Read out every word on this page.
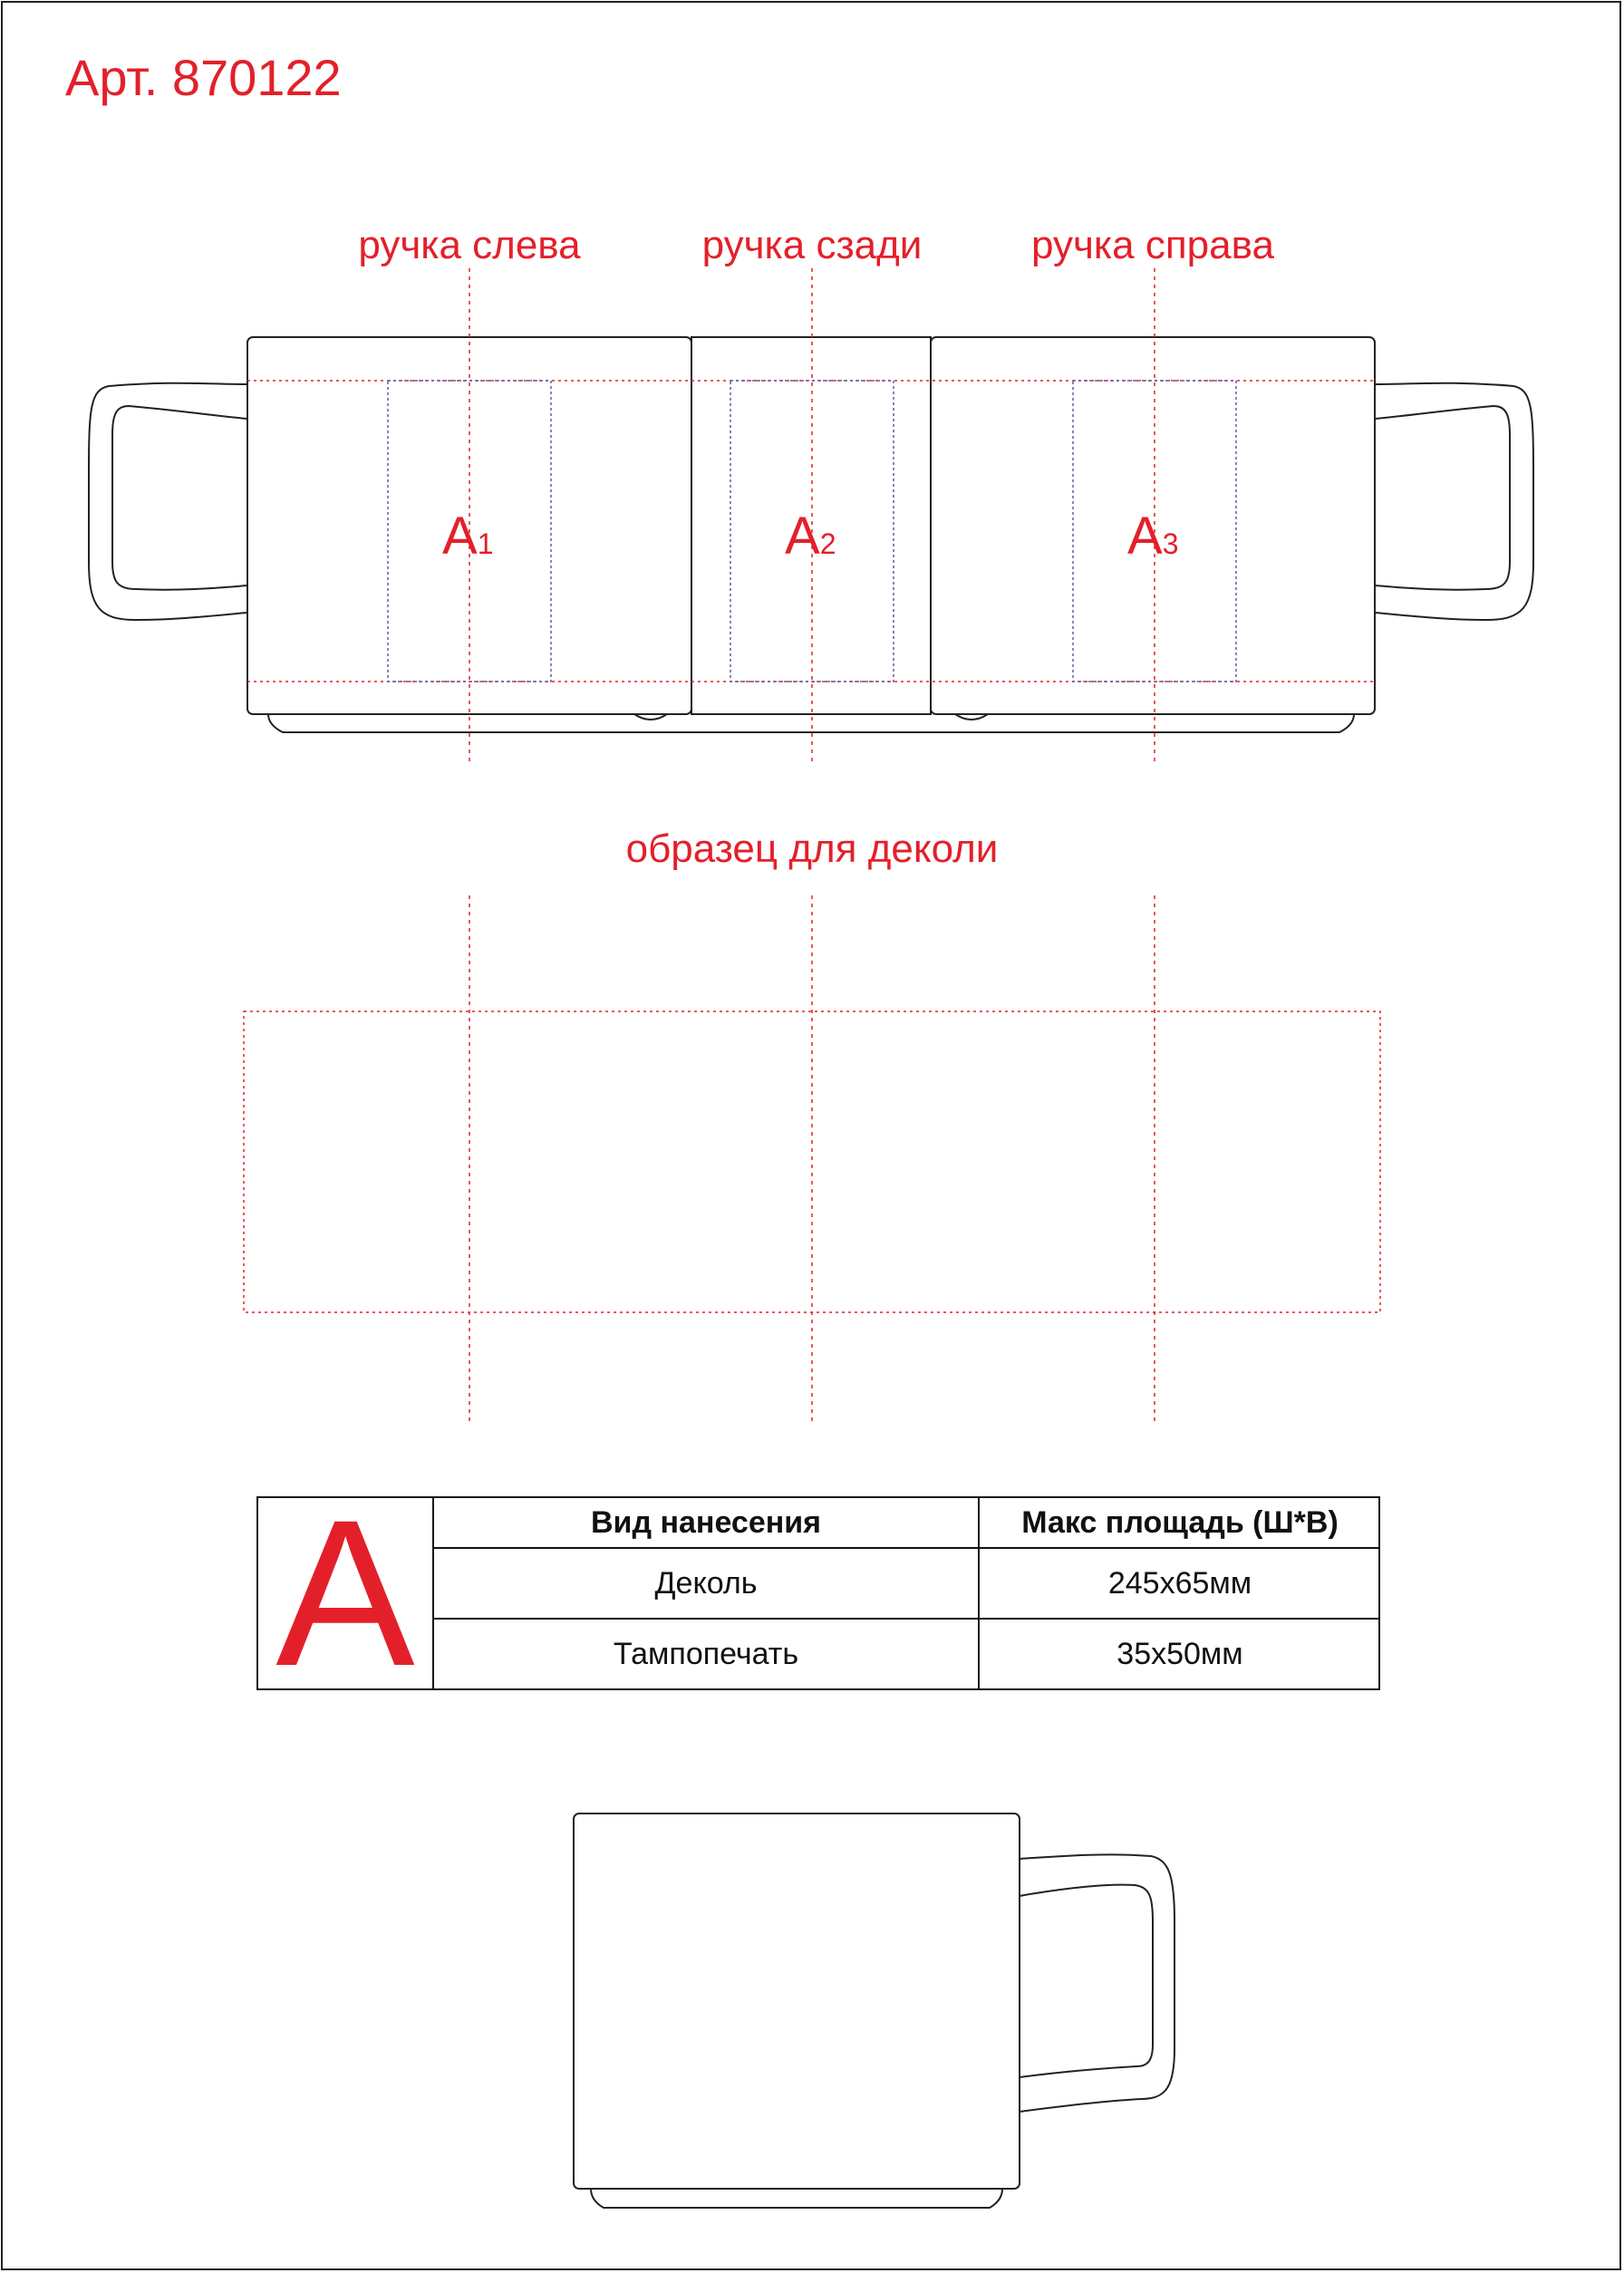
Арт. 870122
ручка слева	ручка сзади	ручка справа
A1	A2	A3
образец для деколи
A	Вид нанесения	Макс площадь (Ш*В)
Деколь	245x65мм
Тампопечать	35x50мм
